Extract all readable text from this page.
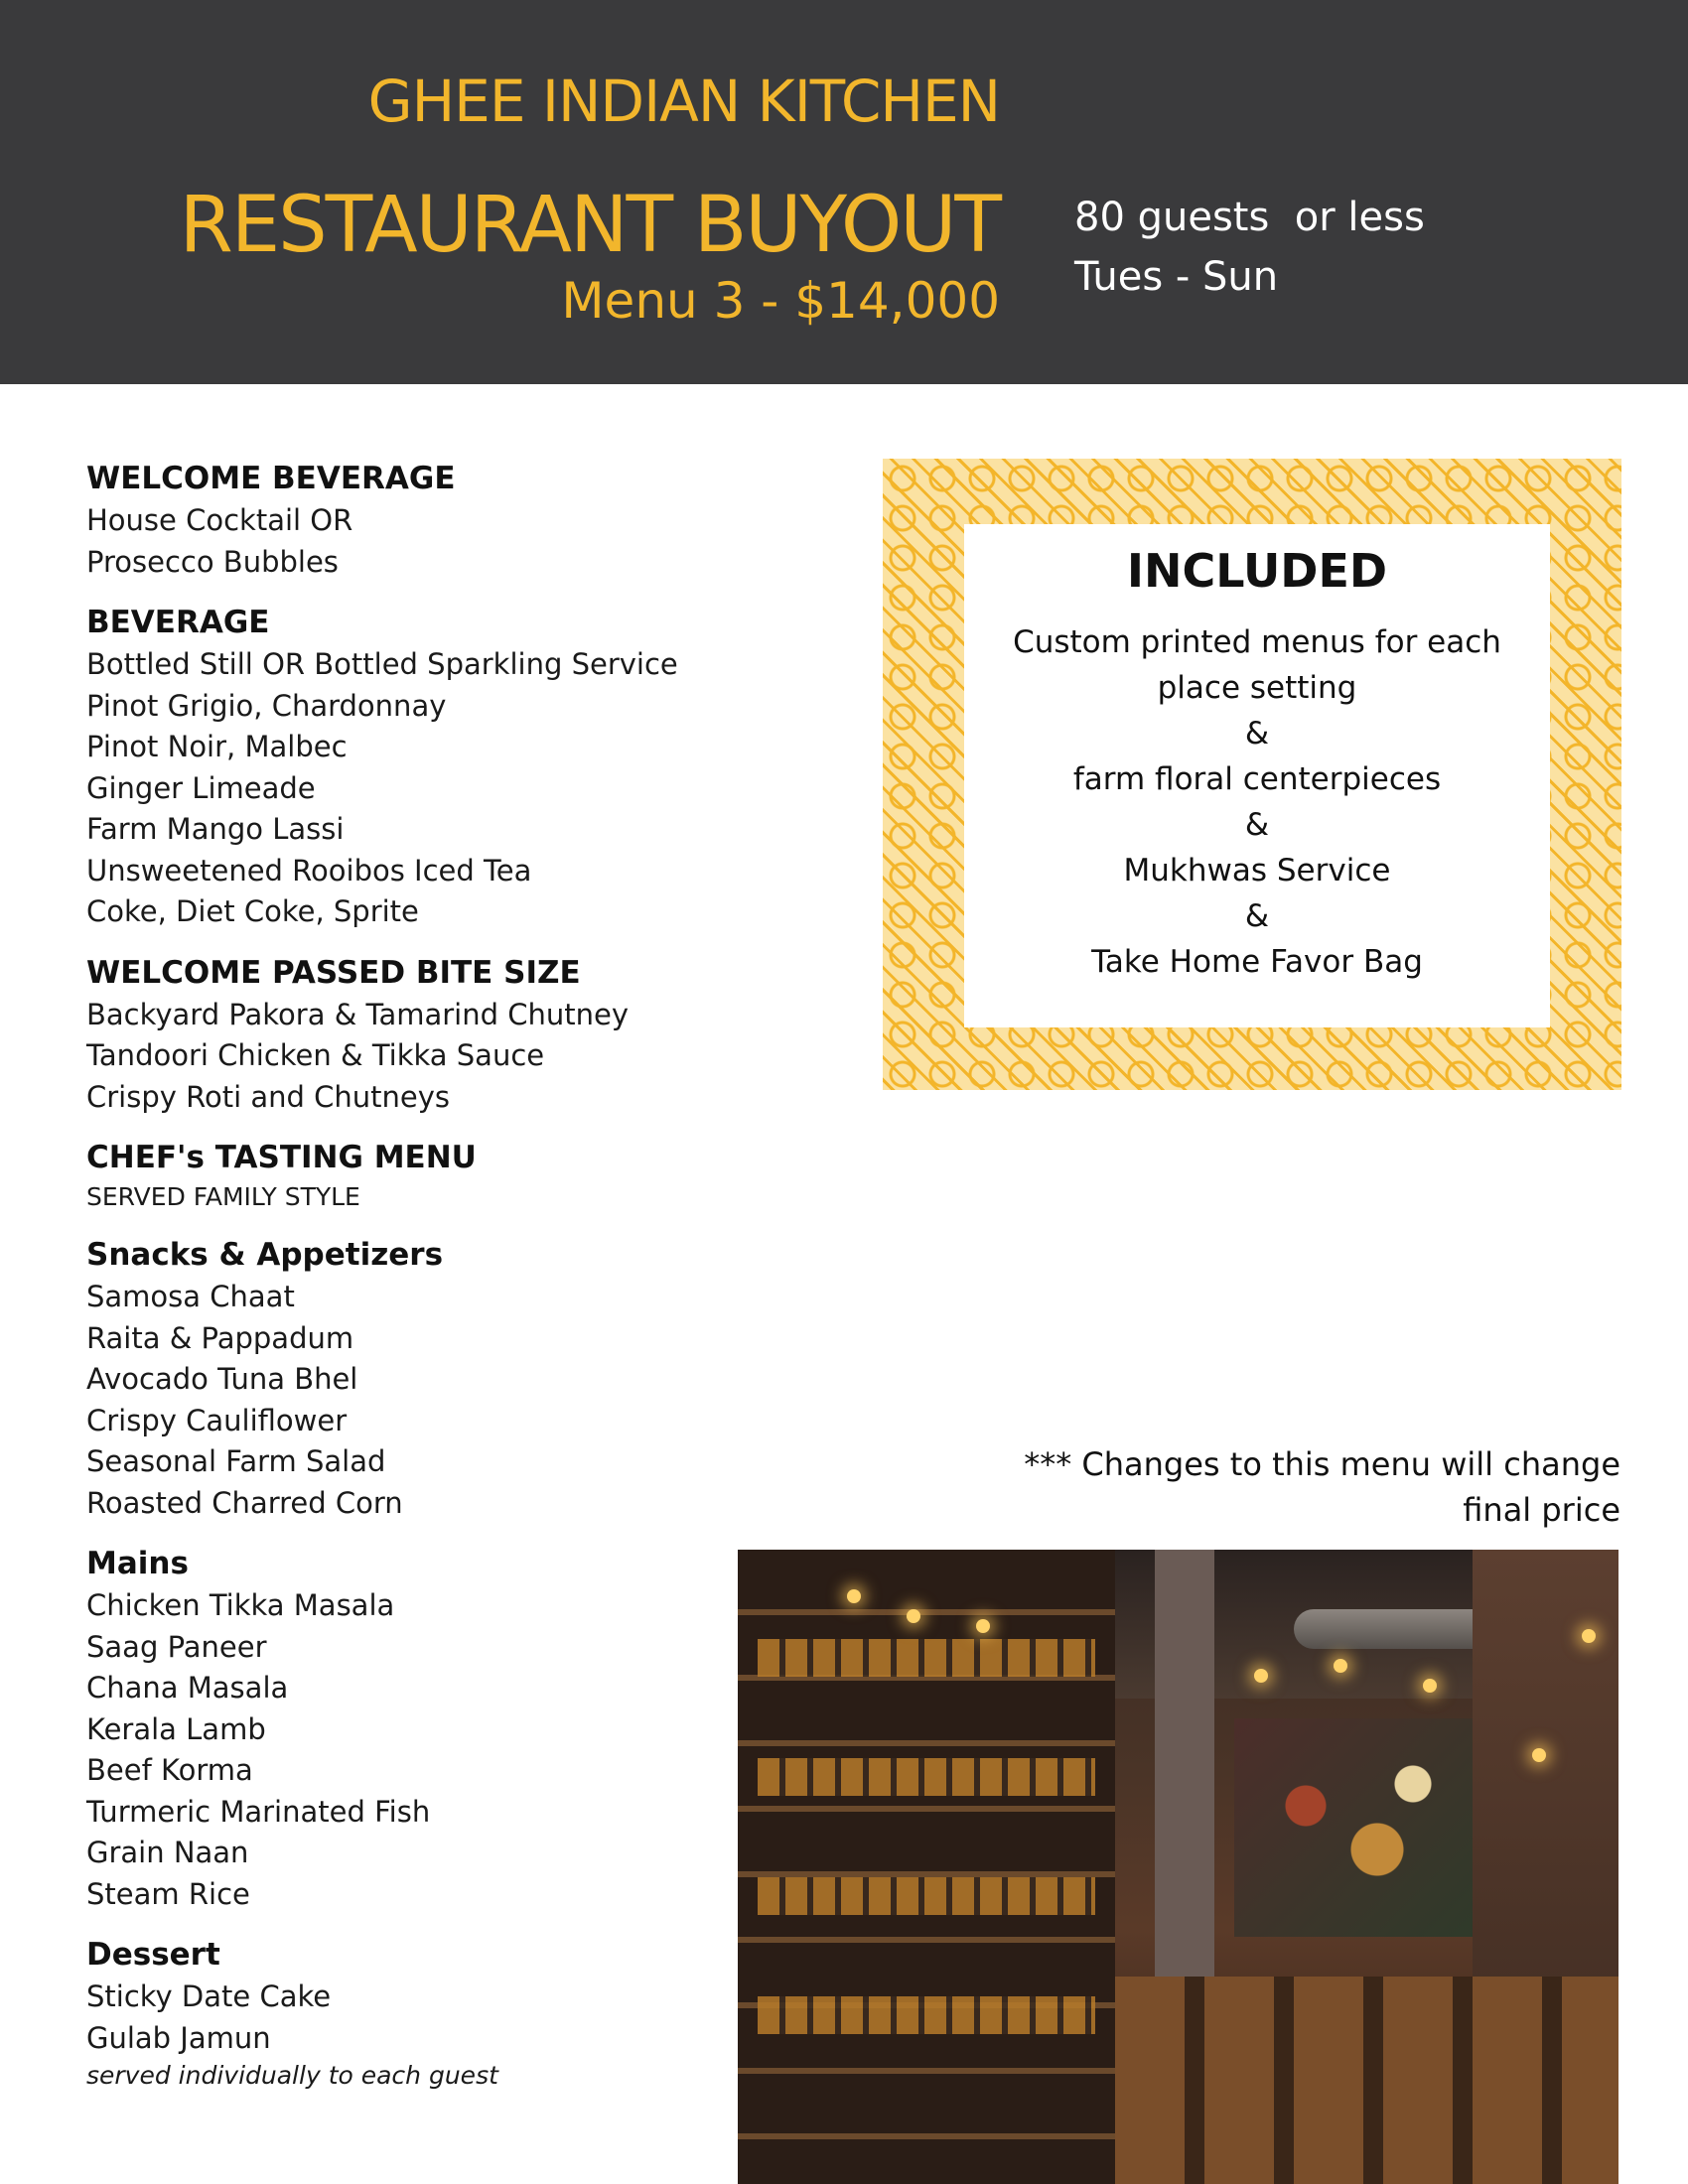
GHEE INDIAN KITCHEN
RESTAURANT BUYOUT
Menu 3 - $14,000
80 guests  or less
Tues - Sun
WELCOME BEVERAGE
House Cocktail OR
Prosecco Bubbles
BEVERAGE
Bottled Still OR Bottled Sparkling Service
Pinot Grigio, Chardonnay
Pinot Noir, Malbec
Ginger Limeade
Farm Mango Lassi
Unsweetened Rooibos Iced Tea
Coke, Diet Coke, Sprite
WELCOME PASSED BITE SIZE
Backyard Pakora & Tamarind Chutney
Tandoori Chicken & Tikka Sauce
Crispy Roti and Chutneys
CHEF's TASTING MENU
SERVED FAMILY STYLE
Snacks & Appetizers
Samosa Chaat
Raita & Pappadum
Avocado Tuna Bhel
Crispy Cauliflower
Seasonal Farm Salad
Roasted Charred Corn
Mains
Chicken Tikka Masala
Saag Paneer
Chana Masala
Kerala Lamb
Beef Korma
Turmeric Marinated Fish
Grain Naan
Steam Rice
Dessert
Sticky Date Cake
Gulab Jamun
served individually to each guest
INCLUDED
Custom printed menus for each
place setting
&
farm floral centerpieces
&
Mukhwas Service
&
Take Home Favor Bag
*** Changes to this menu will change
final price
